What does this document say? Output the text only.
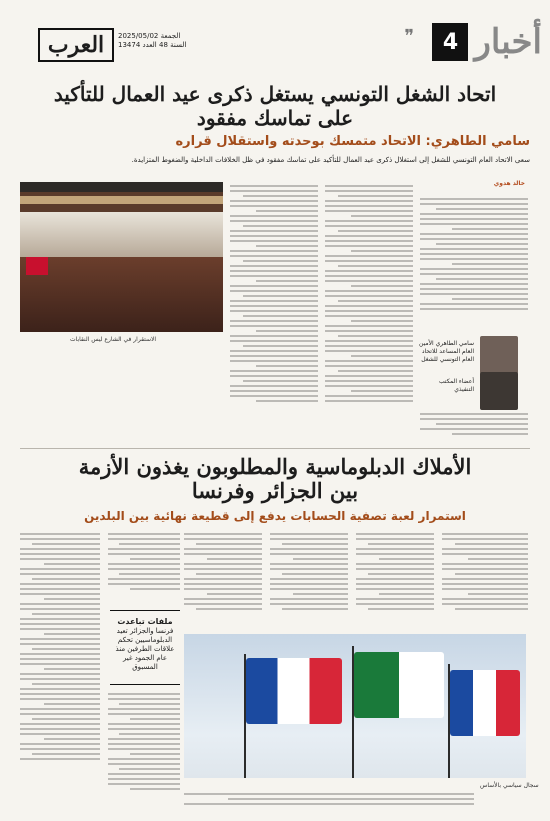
العرب	الجمعة 2025/05/02
السنة 48 العدد 13474	❞ أخبار
4
اتحاد الشغل التونسي يستغل ذكرى عيد العمال للتأكيد
على تماسك مفقود
سامي الطاهري: الاتحاد متمسك بوحدته واستقلال قراره
سعى الاتحاد العام التونسي للشغل إلى استغلال ذكرى عيد العمال للتأكيد على تماسك مفقود في ظل الخلافات الداخلية والضغوط المتزايدة.
خالد هدوي
الاستقرار في الشارع ليس النقابات
سامي الطاهري الأمين العام المساعد للاتحاد العام التونسي للشغل
أعضاء المكتب التنفيذي
الأملاك الدبلوماسية والمطلوبون يغذون الأزمة
بين الجزائر وفرنسا
استمرار لعبة تصفية الحسابات يدفع إلى قطيعة نهائية بين البلدين
ملفات تباعدت
فرنسا والجزائر تعيد الدبلوماسيين تحكم علاقات الطرفين منذ عام الجمود غير المسبوق
سجال سياسي بالأساس
